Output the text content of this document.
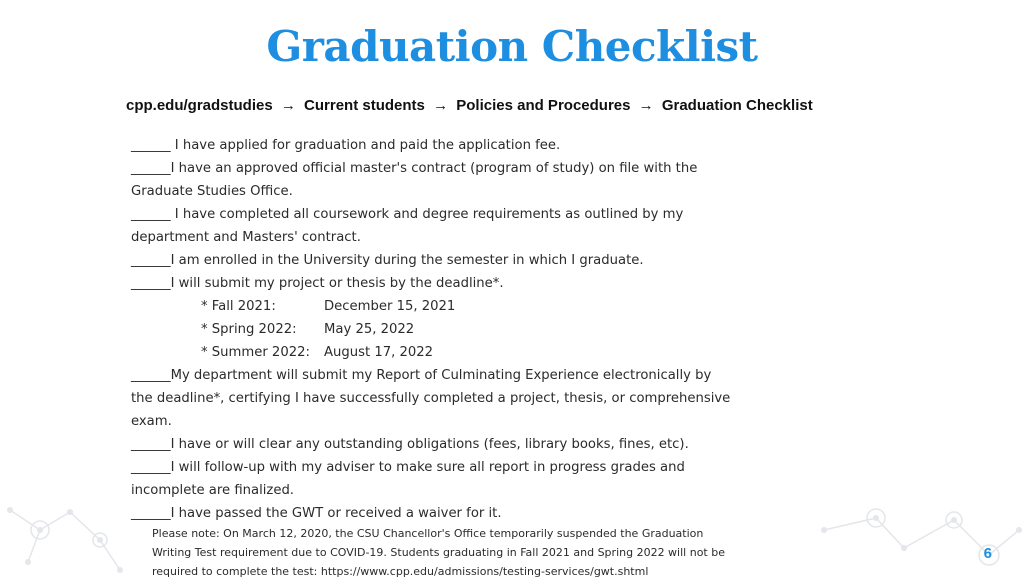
Graduation Checklist
cpp.edu/gradstudies → Current students → Policies and Procedures → Graduation Checklist
______ I have applied for graduation and paid the application fee.
______I have an approved official master's contract (program of study) on file with the
Graduate Studies Office.
______ I have completed all coursework and degree requirements as outlined by my
department and Masters' contract.
______I am enrolled in the University during the semester in which I graduate.
______I will submit my project or thesis by the deadline*.
* Fall 2021:	December 15, 2021
* Spring 2022: May 25, 2022
* Summer 2022: August 17, 2022
______My department will submit my Report of Culminating Experience electronically by
the deadline*, certifying I have successfully completed a project, thesis, or comprehensive
exam.
______I have or will clear any outstanding obligations (fees, library books, fines, etc).
______I will follow-up with my adviser to make sure all report in progress grades and
incomplete are finalized.
______I have passed the GWT or received a waiver for it.
Please note: On March 12, 2020, the CSU Chancellor's Office temporarily suspended the Graduation
Writing Test requirement due to COVID-19. Students graduating in Fall 2021 and Spring 2022 will not be
required to complete the test: https://www.cpp.edu/admissions/testing-services/gwt.shtml
6
